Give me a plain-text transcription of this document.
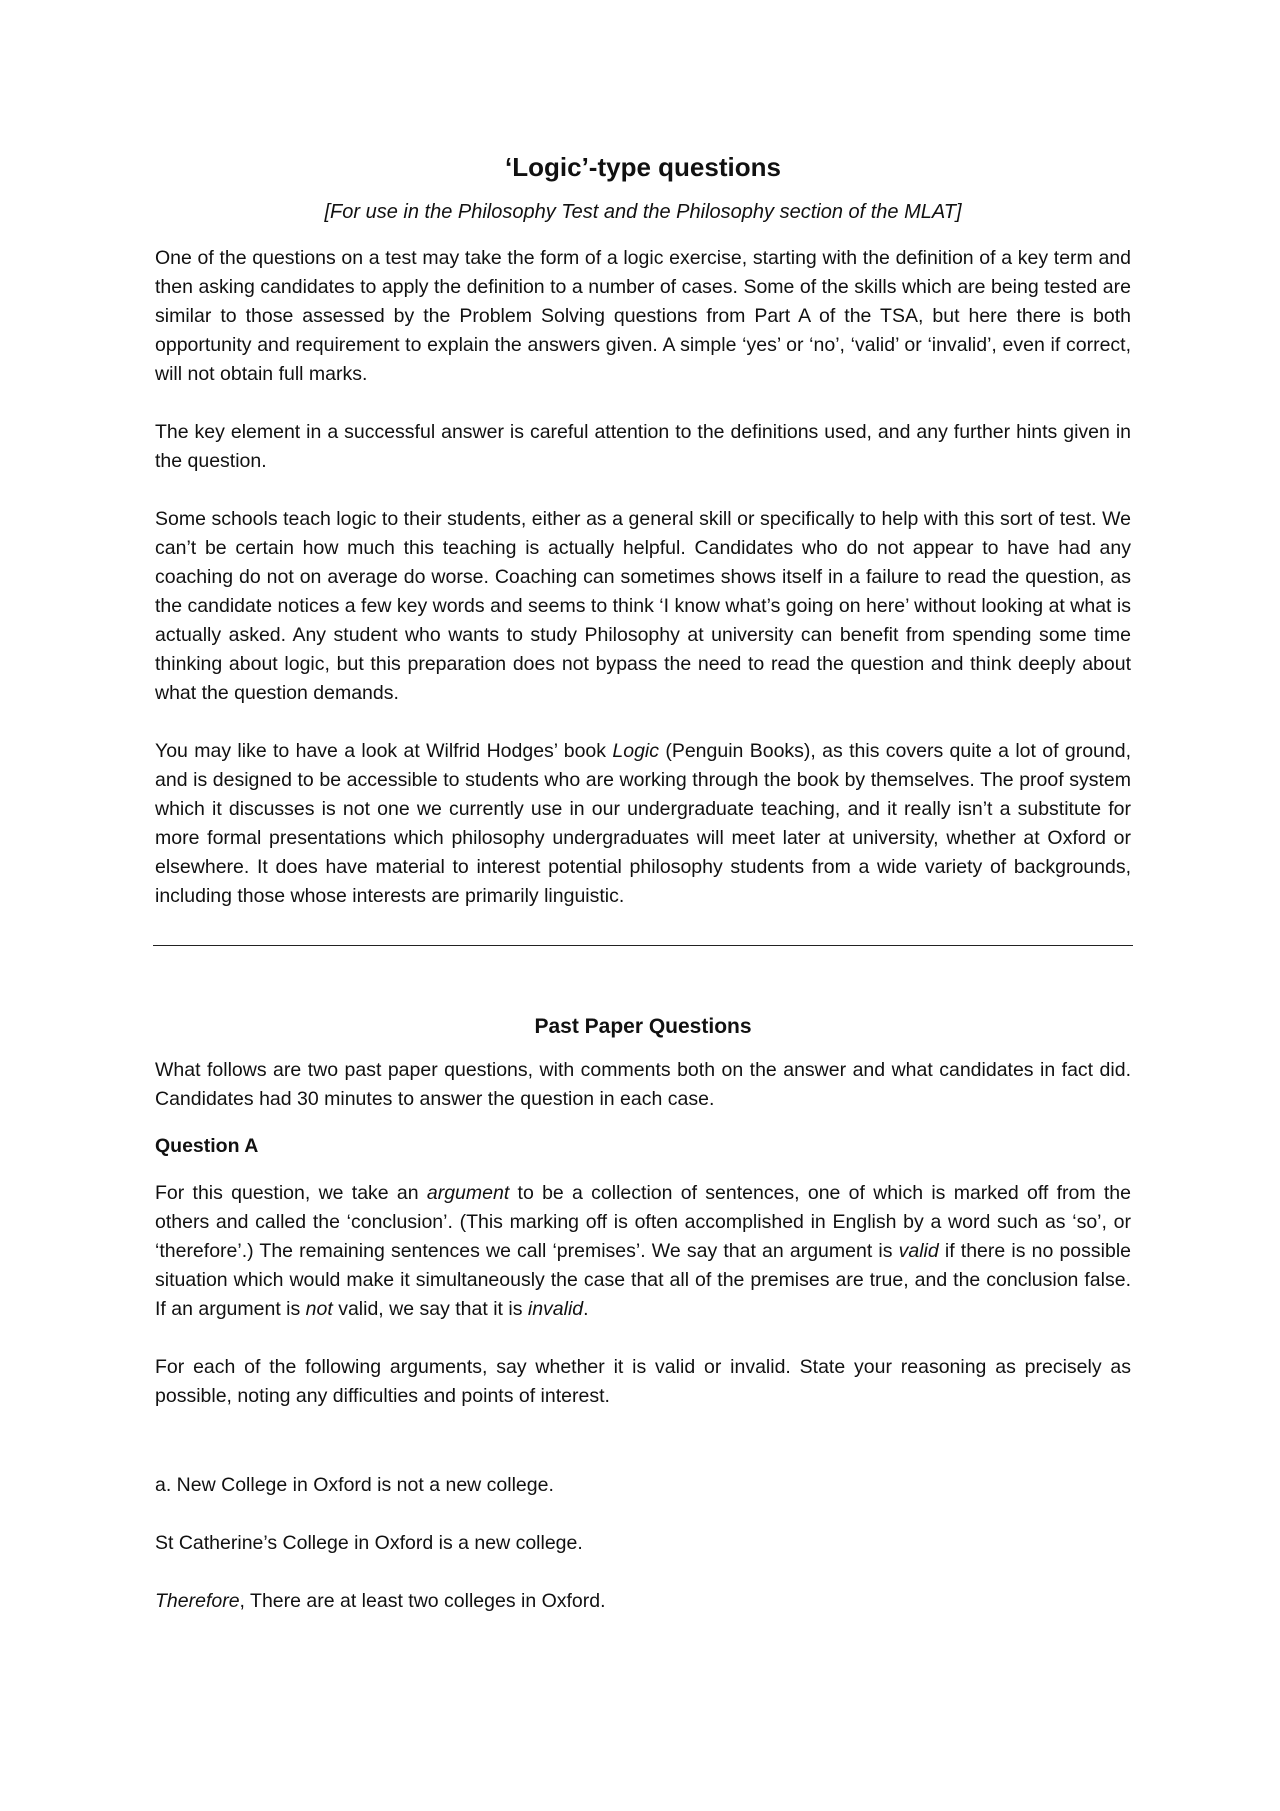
‘Logic’-type questions
[For use in the Philosophy Test and the Philosophy section of the MLAT]

One of the questions on a test may take the form of a logic exercise, starting with the definition of a key term and then asking candidates to apply the definition to a number of cases. Some of the skills which are being tested are similar to those assessed by the Problem Solving questions from Part A of the TSA, but here there is both opportunity and requirement to explain the answers given. A simple ‘yes’ or ‘no’, ‘valid’ or ‘invalid’, even if correct, will not obtain full marks.

The key element in a successful answer is careful attention to the definitions used, and any further hints given in the question.

Some schools teach logic to their students, either as a general skill or specifically to help with this sort of test. We can’t be certain how much this teaching is actually helpful. Candidates who do not appear to have had any coaching do not on average do worse. Coaching can sometimes shows itself in a failure to read the question, as the candidate notices a few key words and seems to think ‘I know what’s going on here’ without looking at what is actually asked. Any student who wants to study Philosophy at university can benefit from spending some time thinking about logic, but this preparation does not bypass the need to read the question and think deeply about what the question demands.

You may like to have a look at Wilfrid Hodges’ book Logic (Penguin Books), as this covers quite a lot of ground, and is designed to be accessible to students who are working through the book by themselves. The proof system which it discusses is not one we currently use in our undergraduate teaching, and it really isn’t a substitute for more formal presentations which philosophy undergraduates will meet later at university, whether at Oxford or elsewhere. It does have material to interest potential philosophy students from a wide variety of backgrounds, including those whose interests are primarily linguistic.

Past Paper Questions

What follows are two past paper questions, with comments both on the answer and what candidates in fact did. Candidates had 30 minutes to answer the question in each case.

Question A

For this question, we take an argument to be a collection of sentences, one of which is marked off from the others and called the ‘conclusion’. (This marking off is often accomplished in English by a word such as ‘so’, or ‘therefore’.) The remaining sentences we call ‘premises’. We say that an argument is valid if there is no possible situation which would make it simultaneously the case that all of the premises are true, and the conclusion false. If an argument is not valid, we say that it is invalid.

For each of the following arguments, say whether it is valid or invalid. State your reasoning as precisely as possible, noting any difficulties and points of interest.

a. New College in Oxford is not a new college.
St Catherine’s College in Oxford is a new college.
Therefore, There are at least two colleges in Oxford.
